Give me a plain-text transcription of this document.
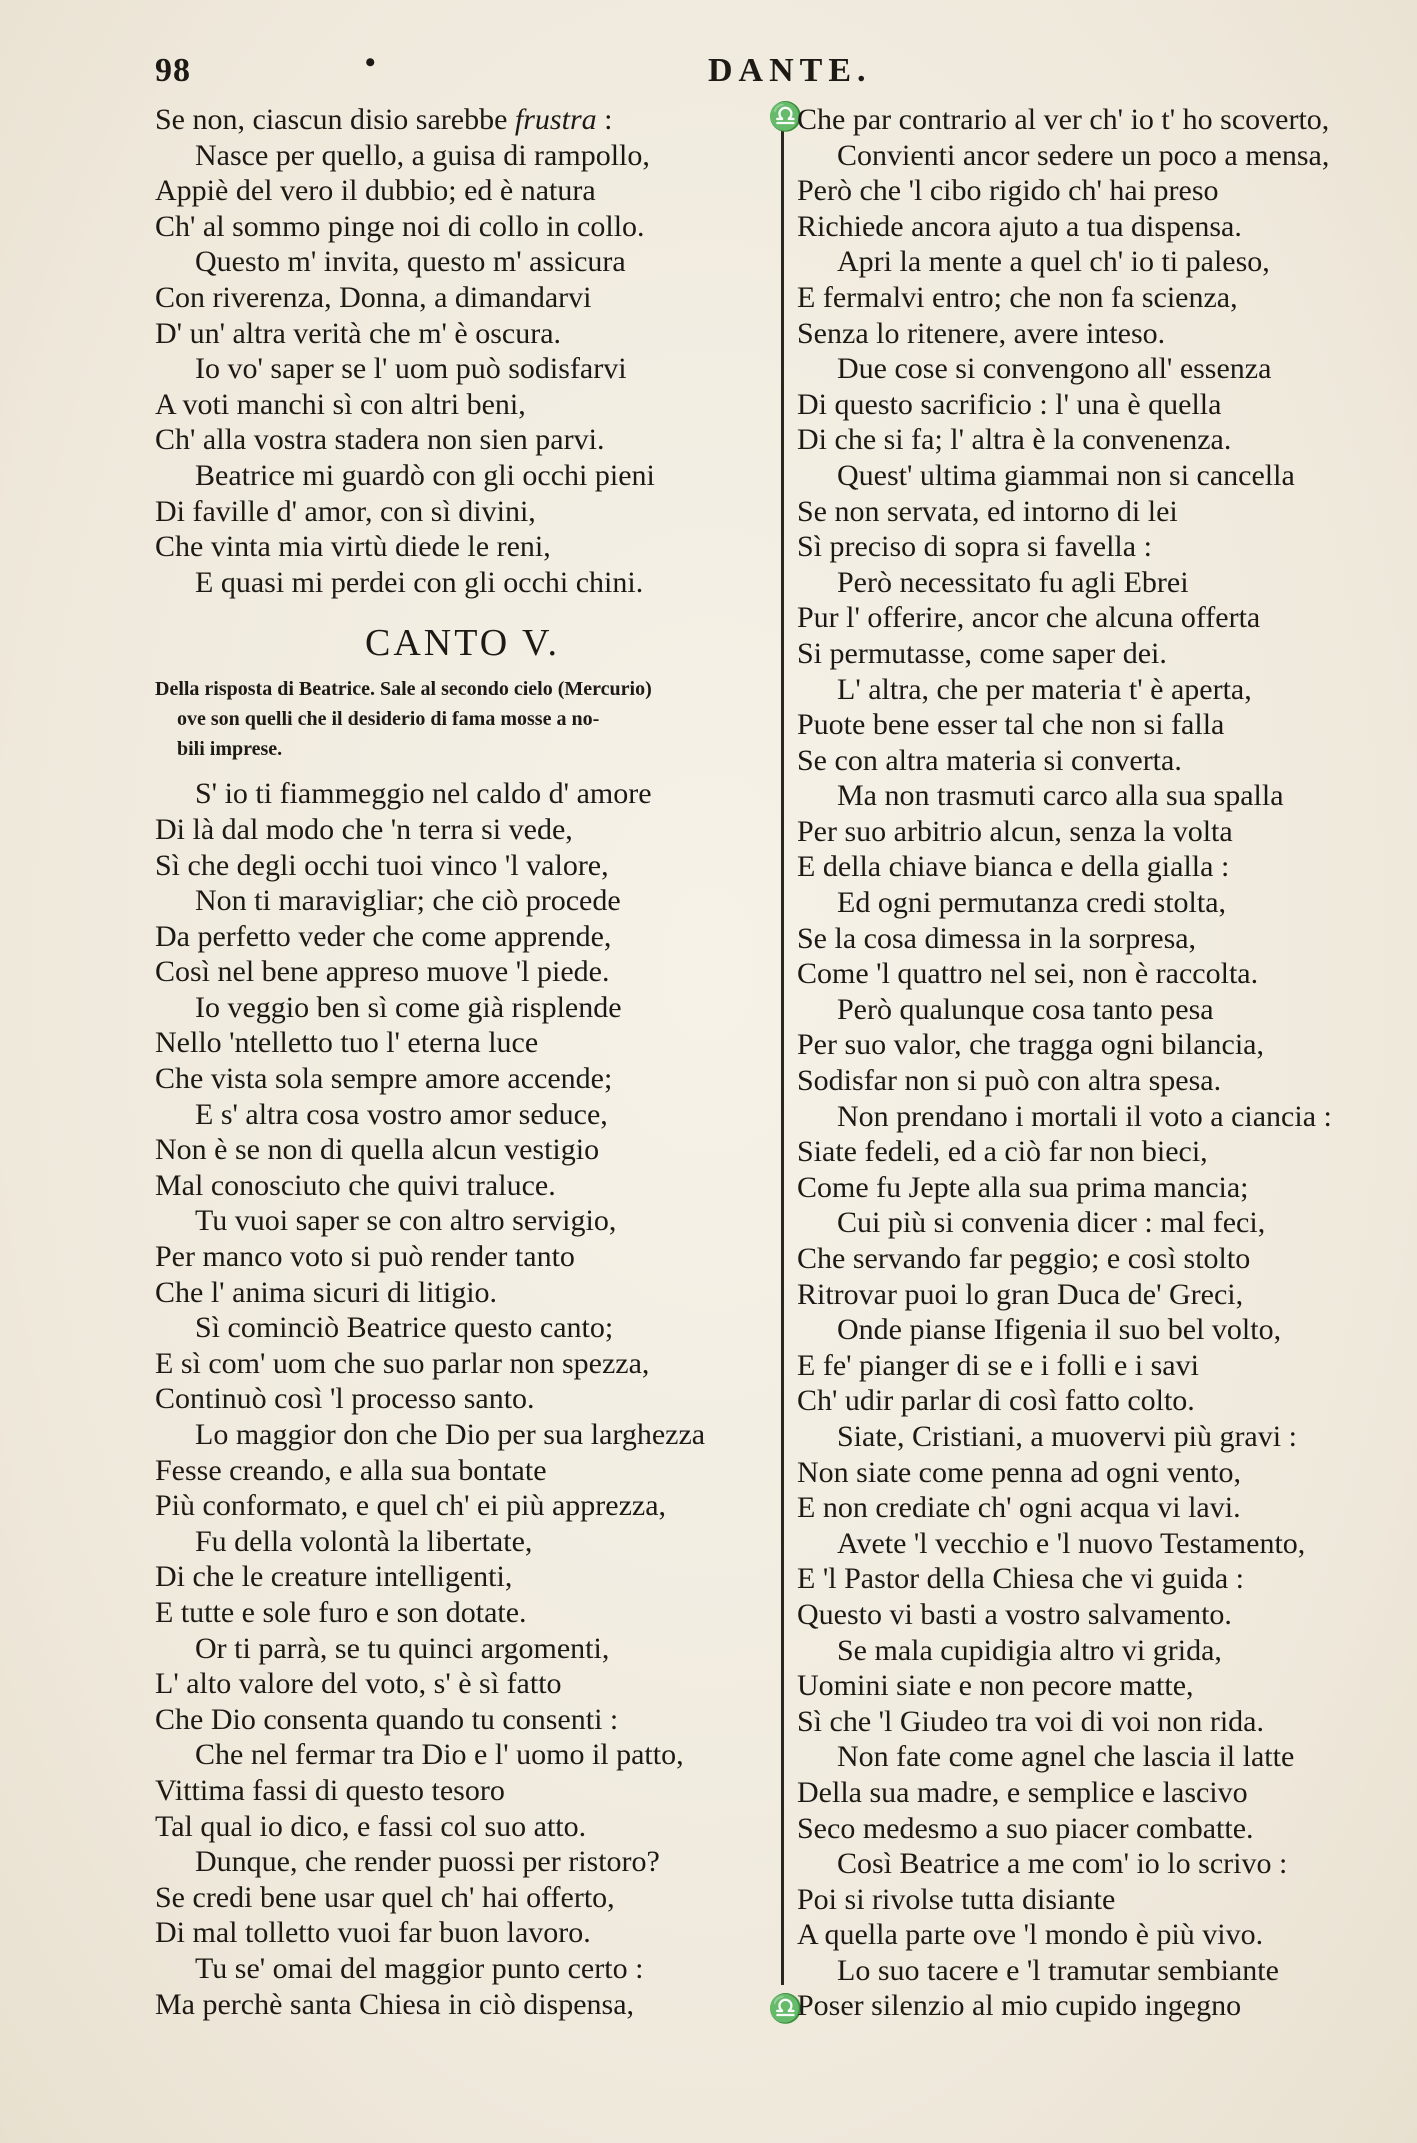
98	•	DANTE.
♎
♎
Se non, ciascun disio sarebbe frustra :
Nasce per quello, a guisa di rampollo,
Appiè del vero il dubbio; ed è natura
Ch' al sommo pinge noi di collo in collo.
Questo m' invita, questo m' assicura
Con riverenza, Donna, a dimandarvi
D' un' altra verità che m' è oscura.
Io vo' saper se l' uom può sodisfarvi
A voti manchi sì con altri beni,
Ch' alla vostra stadera non sien parvi.
Beatrice mi guardò con gli occhi pieni
Di faville d' amor, con sì divini,
Che vinta mia virtù diede le reni,
E quasi mi perdei con gli occhi chini.
CANTO V.
Della risposta di Beatrice. Sale al secondo cielo (Mercurio)
ove son quelli che il desiderio di fama mosse a no-
bili imprese.
S' io ti fiammeggio nel caldo d' amore
Di là dal modo che 'n terra si vede,
Sì che degli occhi tuoi vinco 'l valore,
Non ti maravigliar; che ciò procede
Da perfetto veder che come apprende,
Così nel bene appreso muove 'l piede.
Io veggio ben sì come già risplende
Nello 'ntelletto tuo l' eterna luce
Che vista sola sempre amore accende;
E s' altra cosa vostro amor seduce,
Non è se non di quella alcun vestigio
Mal conosciuto che quivi traluce.
Tu vuoi saper se con altro servigio,
Per manco voto si può render tanto
Che l' anima sicuri di litigio.
Sì cominciò Beatrice questo canto;
E sì com' uom che suo parlar non spezza,
Continuò così 'l processo santo.
Lo maggior don che Dio per sua larghezza
Fesse creando, e alla sua bontate
Più conformato, e quel ch' ei più apprezza,
Fu della volontà la libertate,
Di che le creature intelligenti,
E tutte e sole furo e son dotate.
Or ti parrà, se tu quinci argomenti,
L' alto valore del voto, s' è sì fatto
Che Dio consenta quando tu consenti :
Che nel fermar tra Dio e l' uomo il patto,
Vittima fassi di questo tesoro
Tal qual io dico, e fassi col suo atto.
Dunque, che render puossi per ristoro?
Se credi bene usar quel ch' hai offerto,
Di mal tolletto vuoi far buon lavoro.
Tu se' omai del maggior punto certo :
Ma perchè santa Chiesa in ciò dispensa,
Che par contrario al ver ch' io t' ho scoverto,
Convienti ancor sedere un poco a mensa,
Però che 'l cibo rigido ch' hai preso
Richiede ancora ajuto a tua dispensa.
Apri la mente a quel ch' io ti paleso,
E fermalvi entro; che non fa scienza,
Senza lo ritenere, avere inteso.
Due cose si convengono all' essenza
Di questo sacrificio : l' una è quella
Di che si fa; l' altra è la convenenza.
Quest' ultima giammai non si cancella
Se non servata, ed intorno di lei
Sì preciso di sopra si favella :
Però necessitato fu agli Ebrei
Pur l' offerire, ancor che alcuna offerta
Si permutasse, come saper dei.
L' altra, che per materia t' è aperta,
Puote bene esser tal che non si falla
Se con altra materia si converta.
Ma non trasmuti carco alla sua spalla
Per suo arbitrio alcun, senza la volta
E della chiave bianca e della gialla :
Ed ogni permutanza credi stolta,
Se la cosa dimessa in la sorpresa,
Come 'l quattro nel sei, non è raccolta.
Però qualunque cosa tanto pesa
Per suo valor, che tragga ogni bilancia,
Sodisfar non si può con altra spesa.
Non prendano i mortali il voto a ciancia :
Siate fedeli, ed a ciò far non bieci,
Come fu Jepte alla sua prima mancia;
Cui più si convenia dicer : mal feci,
Che servando far peggio; e così stolto
Ritrovar puoi lo gran Duca de' Greci,
Onde pianse Ifigenia il suo bel volto,
E fe' pianger di se e i folli e i savi
Ch' udir parlar di così fatto colto.
Siate, Cristiani, a muovervi più gravi :
Non siate come penna ad ogni vento,
E non crediate ch' ogni acqua vi lavi.
Avete 'l vecchio e 'l nuovo Testamento,
E 'l Pastor della Chiesa che vi guida :
Questo vi basti a vostro salvamento.
Se mala cupidigia altro vi grida,
Uomini siate e non pecore matte,
Sì che 'l Giudeo tra voi di voi non rida.
Non fate come agnel che lascia il latte
Della sua madre, e semplice e lascivo
Seco medesmo a suo piacer combatte.
Così Beatrice a me com' io lo scrivo :
Poi si rivolse tutta disiante
A quella parte ove 'l mondo è più vivo.
Lo suo tacere e 'l tramutar sembiante
Poser silenzio al mio cupido ingegno
